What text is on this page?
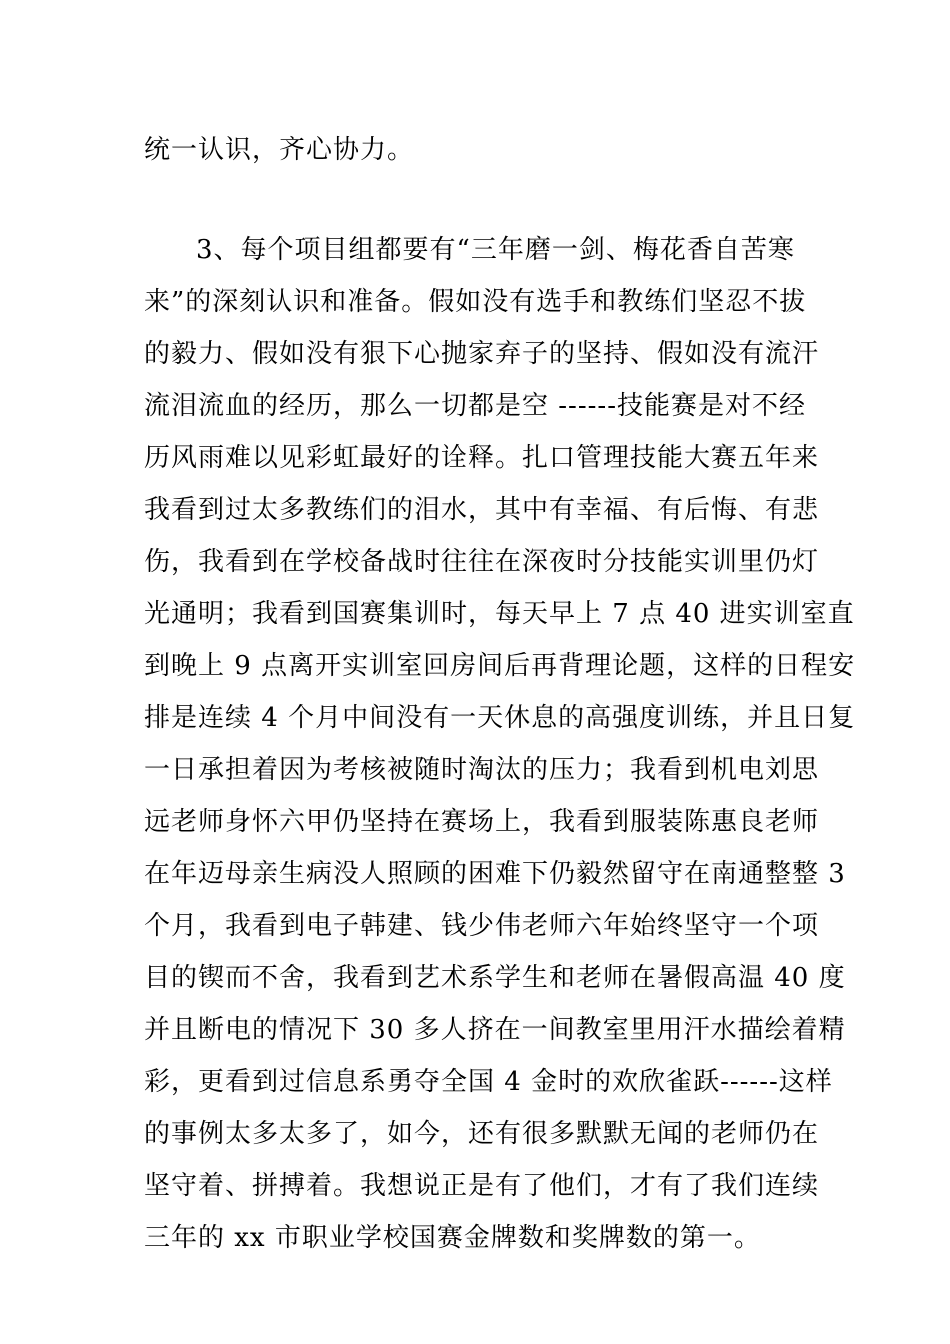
统一认识，齐心协力。
3、每个项目组都要有“三年磨一剑、梅花香自苦寒
来”的深刻认识和准备。假如没有选手和教练们坚忍不拔
的毅力、假如没有狠下心抛家弃子的坚持、假如没有流汗
流泪流血的经历，那么一切都是空 ------技能赛是对不经
历风雨难以见彩虹最好的诠释。扎口管理技能大赛五年来
我看到过太多教练们的泪水，其中有幸福、有后悔、有悲
伤，我看到在学校备战时往往在深夜时分技能实训里仍灯
光通明；我看到国赛集训时，每天早上 7 点 40 进实训室直
到晚上 9 点离开实训室回房间后再背理论题，这样的日程安
排是连续 4 个月中间没有一天休息的高强度训练，并且日复
一日承担着因为考核被随时淘汰的压力；我看到机电刘思
远老师身怀六甲仍坚持在赛场上，我看到服装陈惠良老师
在年迈母亲生病没人照顾的困难下仍毅然留守在南通整整 3
个月，我看到电子韩建、钱少伟老师六年始终坚守一个项
目的锲而不舍，我看到艺术系学生和老师在暑假高温 40 度
并且断电的情况下 30 多人挤在一间教室里用汗水描绘着精
彩，更看到过信息系勇夺全国 4 金时的欢欣雀跃------这样
的事例太多太多了，如今，还有很多默默无闻的老师仍在
坚守着、拼搏着。我想说正是有了他们，才有了我们连续
三年的 xx 市职业学校国赛金牌数和奖牌数的第一。
